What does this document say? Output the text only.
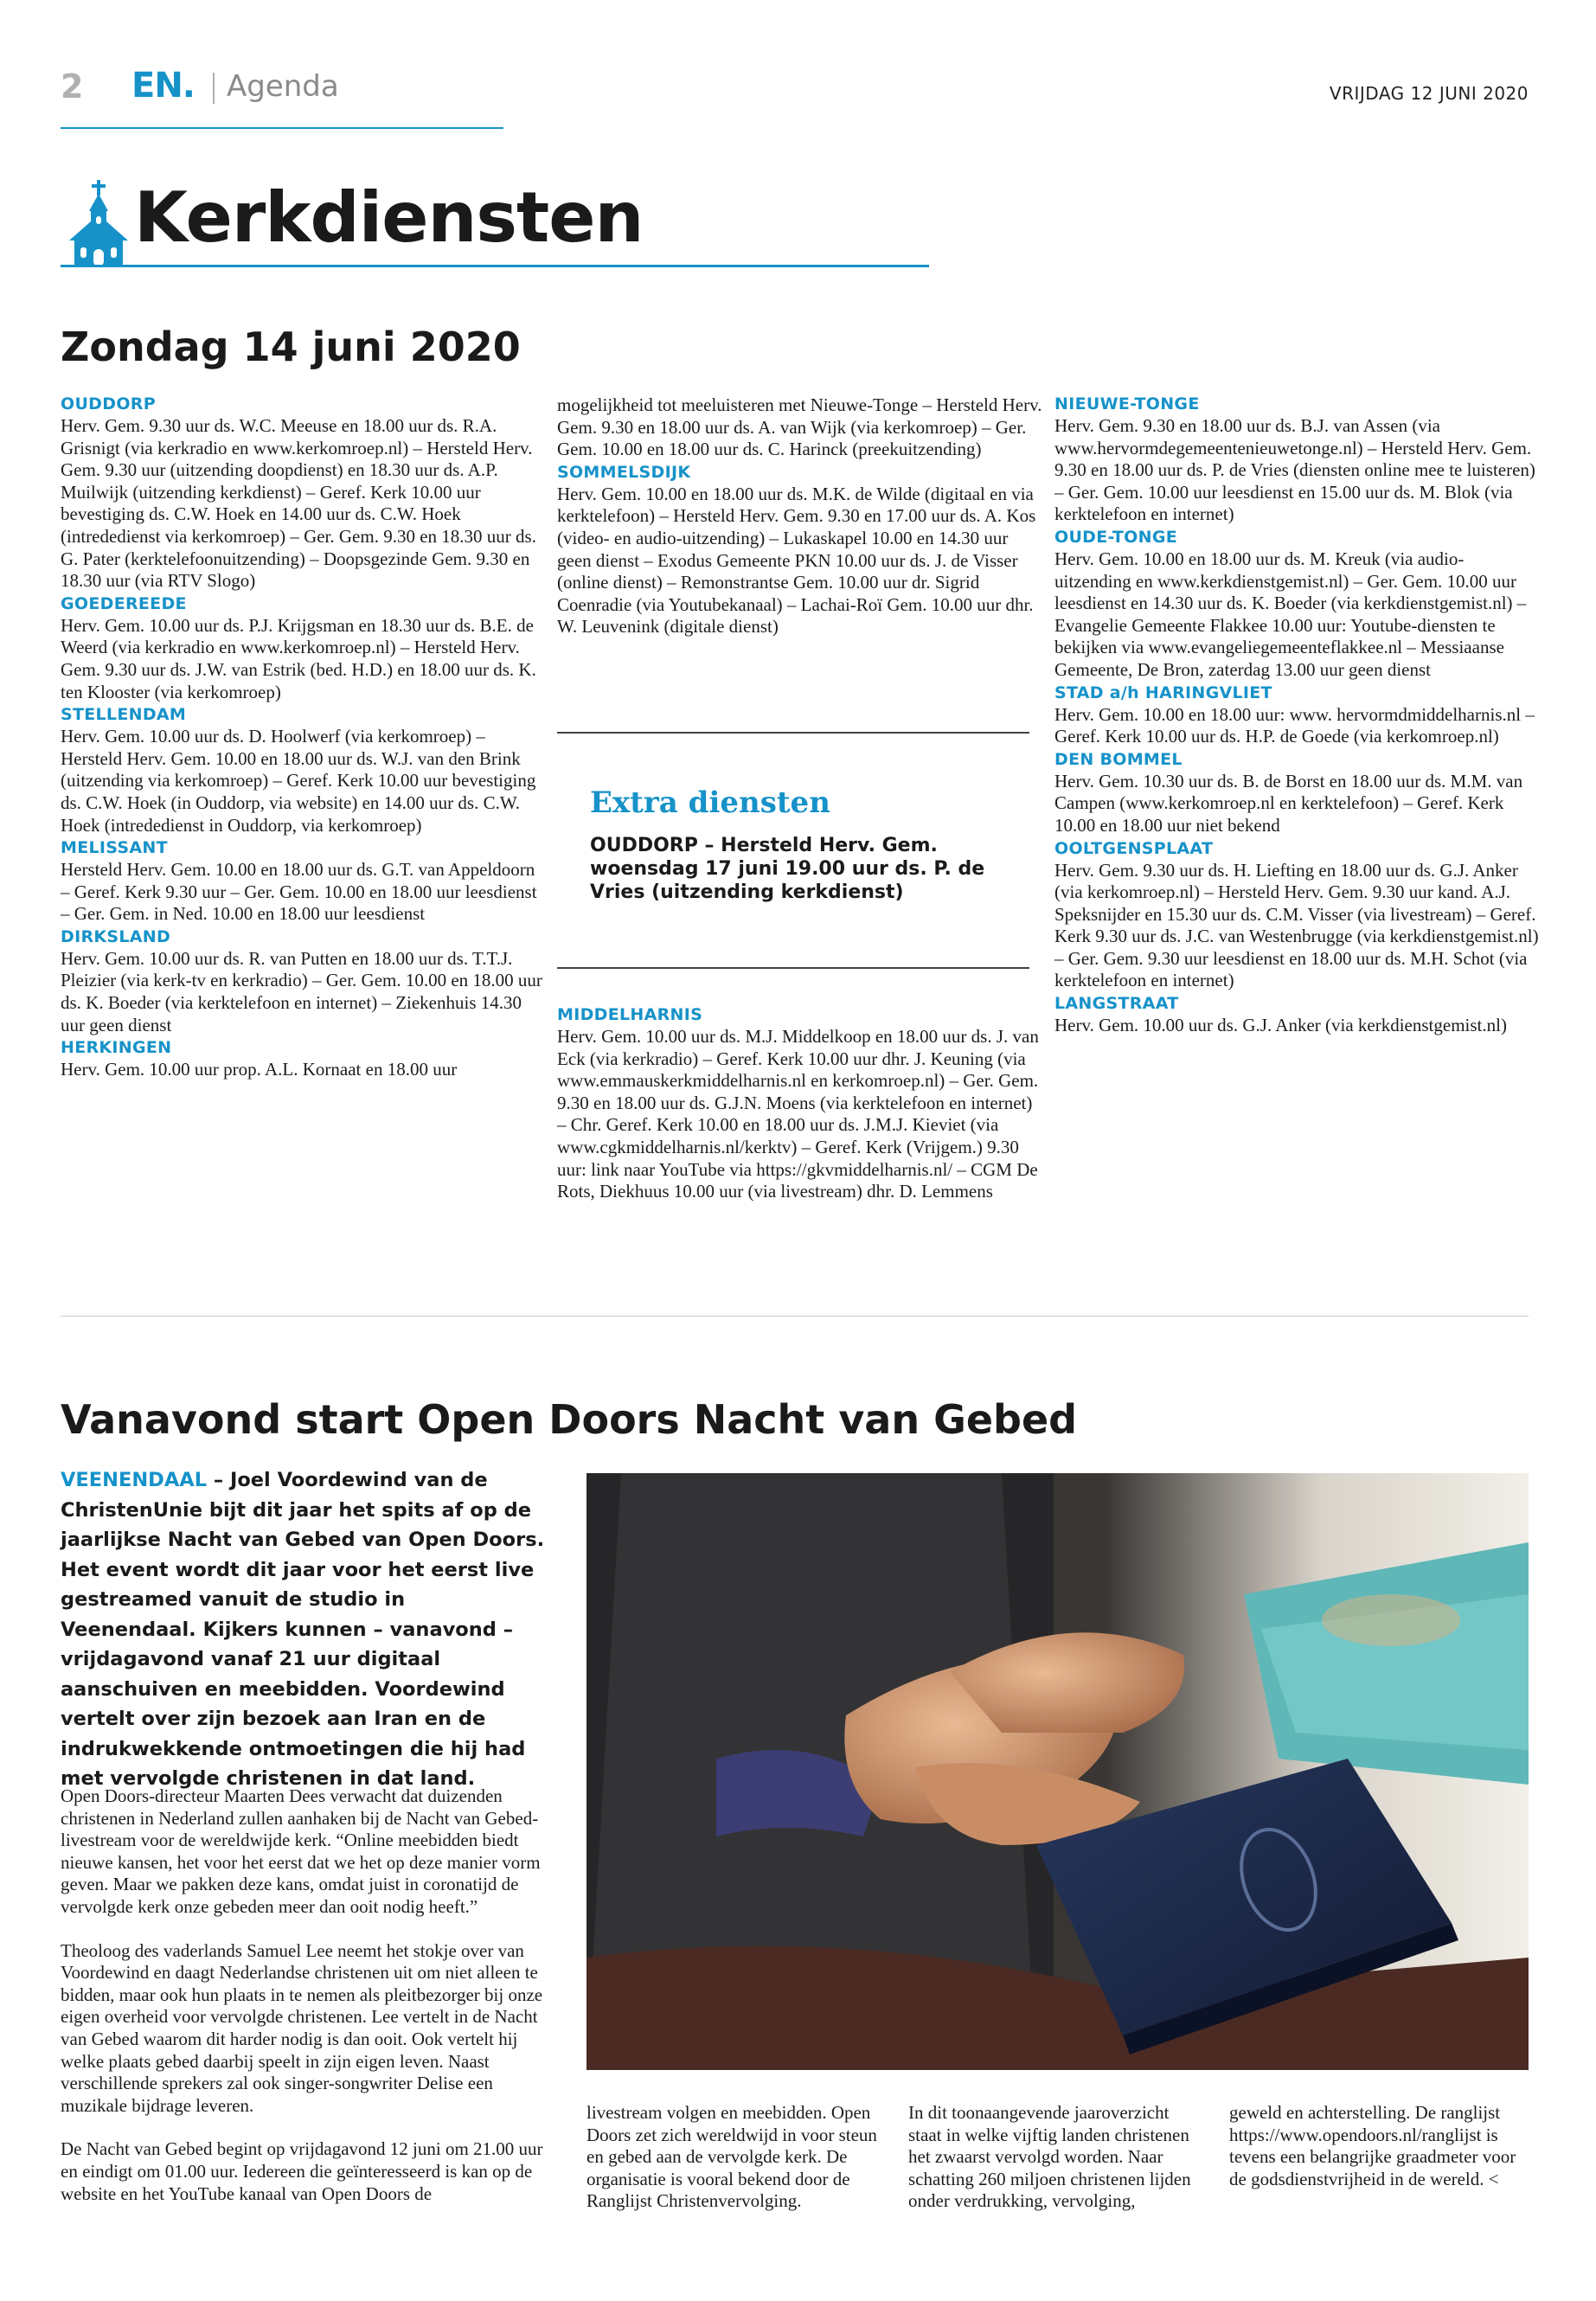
2 EN. Agenda	VRIJDAG 12 JUNI 2020
Kerkdiensten
Zondag 14 juni 2020

OUDDORP

Herv. Gem. 9.30 uur ds. W.C. Meeuse en 18.00 uur ds. R.A. Grisnigt (via kerkradio en www.kerkomroep.nl) – Hersteld Herv. Gem. 9.30 uur (uitzending doopdienst) en 18.30 uur ds. A.P. Muilwijk (uitzending kerkdienst) – Geref. Kerk 10.00 uur bevestiging ds. C.W. Hoek en 14.00 uur ds. C.W. Hoek (intrededienst via kerkomroep) – Ger. Gem. 9.30 en 18.30 uur ds. G. Pater (kerktelefoonuitzending) – Doopsgezinde Gem. 9.30 en 18.30 uur (via RTV Slogo)

GOEDEREEDE

Herv. Gem. 10.00 uur ds. P.J. Krijgsman en 18.30 uur ds. B.E. de Weerd (via kerkradio en www.kerkomroep.nl) – Hersteld Herv. Gem. 9.30 uur ds. J.W. van Estrik (bed. H.D.) en 18.00 uur ds. K. ten Klooster (via kerkomroep)

STELLENDAM

Herv. Gem. 10.00 uur ds. D. Hoolwerf (via kerkomroep) – Hersteld Herv. Gem. 10.00 en 18.00 uur ds. W.J. van den Brink (uitzending via kerkomroep) – Geref. Kerk 10.00 uur bevestiging ds. C.W. Hoek (in Ouddorp, via website) en 14.00 uur ds. C.W. Hoek (intrededienst in Ouddorp, via kerkomroep)

MELISSANT

Hersteld Herv. Gem. 10.00 en 18.00 uur ds. G.T. van Appeldoorn – Geref. Kerk 9.30 uur – Ger. Gem. 10.00 en 18.00 uur leesdienst – Ger. Gem. in Ned. 10.00 en 18.00 uur leesdienst

DIRKSLAND

Herv. Gem. 10.00 uur ds. R. van Putten en 18.00 uur ds. T.T.J. Pleizier (via kerk-tv en kerkradio) – Ger. Gem. 10.00 en 18.00 uur ds. K. Boeder (via kerktelefoon en internet) – Ziekenhuis 14.30 uur geen dienst

HERKINGEN

Herv. Gem. 10.00 uur prop. A.L. Kornaat en 18.00 uur

mogelijkheid tot meeluisteren met Nieuwe-Tonge – Hersteld Herv. Gem. 9.30 en 18.00 uur ds. A. van Wijk (via kerkomroep) – Ger. Gem. 10.00 en 18.00 uur ds. C. Harinck (preekuitzending)

SOMMELSDIJK

Herv. Gem. 10.00 en 18.00 uur ds. M.K. de Wilde (digitaal en via kerktelefoon) – Hersteld Herv. Gem. 9.30 en 17.00 uur ds. A. Kos (video- en audio-uitzending) – Lukaskapel 10.00 en 14.30 uur geen dienst – Exodus Gemeente PKN 10.00 uur ds. J. de Visser (online dienst) – Remonstrantse Gem. 10.00 uur dr. Sigrid Coenradie (via Youtubekanaal) – Lachai-Roï Gem. 10.00 uur dhr. W. Leuvenink (digitale dienst)

Extra diensten
OUDDORP – Hersteld Herv. Gem. woensdag 17 juni 19.00 uur ds. P. de Vries (uitzending kerkdienst)

MIDDELHARNIS

Herv. Gem. 10.00 uur ds. M.J. Middelkoop en 18.00 uur ds. J. van Eck (via kerkradio) – Geref. Kerk 10.00 uur dhr. J. Keuning (via www.emmauskerkmiddelharnis.nl en kerkomroep.nl) – Ger. Gem. 9.30 en 18.00 uur ds. G.J.N. Moens (via kerktelefoon en internet) – Chr. Geref. Kerk 10.00 en 18.00 uur ds. J.M.J. Kieviet (via www.cgkmiddelharnis.nl/kerktv) – Geref. Kerk (Vrijgem.) 9.30 uur: link naar YouTube via https://gkvmiddelharnis.nl/ – CGM De Rots, Diekhuus 10.00 uur (via livestream) dhr. D. Lemmens

NIEUWE-TONGE

Herv. Gem. 9.30 en 18.00 uur ds. B.J. van Assen (via www.hervormdegemeentenieuwetonge.nl) – Hersteld Herv. Gem. 9.30 en 18.00 uur ds. P. de Vries (diensten online mee te luisteren) – Ger. Gem. 10.00 uur leesdienst en 15.00 uur ds. M. Blok (via kerktelefoon en internet)

OUDE-TONGE

Herv. Gem. 10.00 en 18.00 uur ds. M. Kreuk (via audio-uitzending en www.kerkdienstgemist.nl) – Ger. Gem. 10.00 uur leesdienst en 14.30 uur ds. K. Boeder (via kerkdienstgemist.nl) – Evangelie Gemeente Flakkee 10.00 uur: Youtube-diensten te bekijken via www.evangeliegemeenteflakkee.nl – Messiaanse Gemeente, De Bron, zaterdag 13.00 uur geen dienst

STAD a/h HARINGVLIET

Herv. Gem. 10.00 en 18.00 uur: www. hervormdmiddelharnis.nl – Geref. Kerk 10.00 uur ds. H.P. de Goede (via kerkomroep.nl)

DEN BOMMEL

Herv. Gem. 10.30 uur ds. B. de Borst en 18.00 uur ds. M.M. van Campen (www.kerkomroep.nl en kerktelefoon) – Geref. Kerk 10.00 en 18.00 uur niet bekend

OOLTGENSPLAAT

Herv. Gem. 9.30 uur ds. H. Liefting en 18.00 uur ds. G.J. Anker (via kerkomroep.nl) – Hersteld Herv. Gem. 9.30 uur kand. A.J. Speksnijder en 15.30 uur ds. C.M. Visser (via livestream) – Geref. Kerk 9.30 uur ds. J.C. van Westenbrugge (via kerkdienstgemist.nl) – Ger. Gem. 9.30 uur leesdienst en 18.00 uur ds. M.H. Schot (via kerktelefoon en internet)

LANGSTRAAT

Herv. Gem. 10.00 uur ds. G.J. Anker (via kerkdienstgemist.nl)

Vanavond start Open Doors Nacht van Gebed
VEENENDAAL – Joel Voordewind van de ChristenUnie bijt dit jaar het spits af op de jaarlijkse Nacht van Gebed van Open Doors. Het event wordt dit jaar voor het eerst live gestreamed vanuit de studio in Veenendaal. Kijkers kunnen – vanavond – vrijdagavond vanaf 21 uur digitaal aanschuiven en meebidden. Voordewind vertelt over zijn bezoek aan Iran en de indrukwekkende ontmoetingen die hij had met vervolgde christenen in dat land.

Open Doors-directeur Maarten Dees verwacht dat duizenden christenen in Nederland zullen aanhaken bij de Nacht van Gebed-livestream voor de wereldwijde kerk. “Online meebidden biedt nieuwe kansen, het voor het eerst dat we het op deze manier vorm geven. Maar we pakken deze kans, omdat juist in coronatijd de vervolgde kerk onze gebeden meer dan ooit nodig heeft.”

Theoloog des vaderlands Samuel Lee neemt het stokje over van Voordewind en daagt Nederlandse christenen uit om niet alleen te bidden, maar ook hun plaats in te nemen als pleitbezorger bij onze eigen overheid voor vervolgde christenen. Lee vertelt in de Nacht van Gebed waarom dit harder nodig is dan ooit. Ook vertelt hij welke plaats gebed daarbij speelt in zijn eigen leven. Naast verschillende sprekers zal ook singer-songwriter Delise een muzikale bijdrage leveren.

De Nacht van Gebed begint op vrijdagavond 12 juni om 21.00 uur en eindigt om 01.00 uur. Iedereen die geïnteresseerd is kan op de website en het YouTube kanaal van Open Doors de

livestream volgen en meebidden. Open Doors zet zich wereldwijd in voor steun en gebed aan de vervolgde kerk. De organisatie is vooral bekend door de Ranglijst Christenvervolging.

In dit toonaangevende jaaroverzicht staat in welke vijftig landen christenen het zwaarst vervolgd worden. Naar schatting 260 miljoen christenen lijden onder verdrukking, vervolging,

geweld en achterstelling. De ranglijst https://www.opendoors.nl/ranglijst is tevens een belangrijke graadmeter voor de godsdienstvrijheid in de wereld. <
